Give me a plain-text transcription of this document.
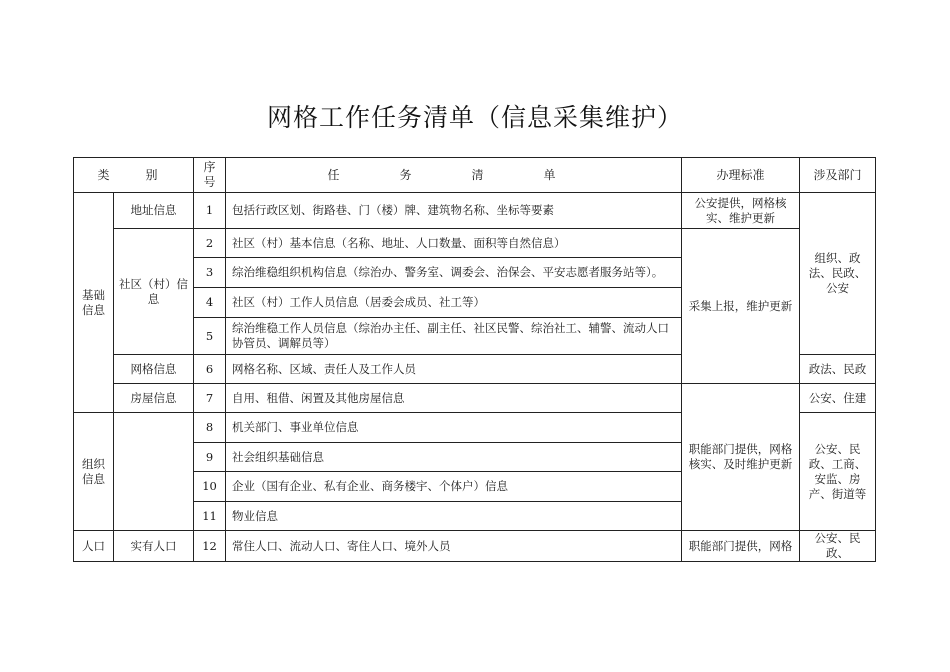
网格工作任务清单（信息采集维护）
类　别		序号	任　务　清　单	办理标准	涉及部门
基础信息	地址信息	1	包括行政区划、街路巷、门（楼）牌、建筑物名称、坐标等要素	公安提供，网格核实、维护更新	组织、政法、民政、公安
	社区（村）信息	2	社区（村）基本信息（名称、地址、人口数量、面积等自然信息）	采集上报，维护更新	
		3	综治维稳组织机构信息（综治办、警务室、调委会、治保会、平安志愿者服务站等）。		
		4	社区（村）工作人员信息（居委会成员、社工等）		
		5	综治维稳工作人员信息（综治办主任、副主任、社区民警、综治社工、辅警、流动人口协管员、调解员等）		
	网格信息	6	网格名称、区域、责任人及工作人员		政法、民政
	房屋信息	7	自用、租借、闲置及其他房屋信息	职能部门提供，网格核实、及时维护更新	公安、住建
组织信息		8	机关部门、事业单位信息		公安、民政、工商、安监、房产、街道等
		9	社会组织基础信息		
		10	企业（国有企业、私有企业、商务楼宇、个体户）信息		
		11	物业信息		
人口	实有人口	12	常住人口、流动人口、寄住人口、境外人员	职能部门提供，网格	公安、民政、
